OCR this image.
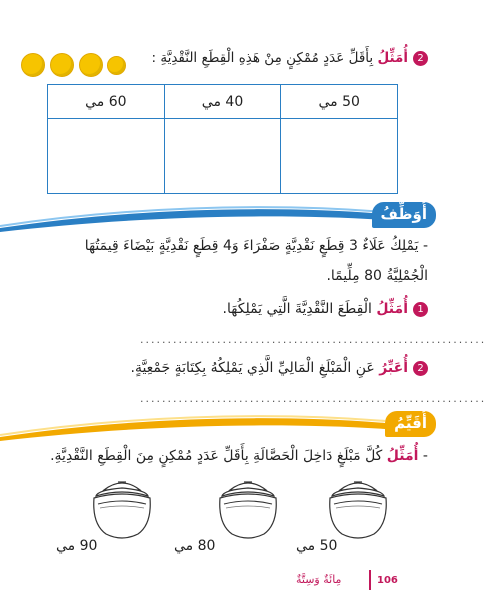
2أُمَثِّلُ بِأَقَلِّ عَدَدٍ مُمْكِنٍ مِنْ هَذِهِ الْقِطَعِ النَّقْدِيَّةِ :
50 مي	40 مي	60 مي

أُوَظِّفُ
- يَمْلِكُ عَلَاءٌ 3 قِطَعٍ نَقْدِيَّةٍ صَفْرَاءَ وَ4 قِطَعٍ نَقْدِيَّةٍ بَيْضَاءَ قِيمَتُهَا
الْجُمْلِيَّةُ 80 مِلِّيمًا.
1أُمَثِّلُ الْقِطَعَ النَّقْدِيَّةَ الَّتِي يَمْلِكُهَا.
...............................................................
2أُعَبِّرُ عَنِ الْمَبْلَغِ الْمَالِيِّ الَّذِي يَمْلِكُهُ بِكِتَابَةٍ جَمْعِيَّةٍ.
...............................................................
أُقَيِّمُ
- أُمَثِّلُ كُلَّ مَبْلَغٍ دَاخِلَ الْحَصَّالَةِ بِأَقَلِّ عَدَدٍ مُمْكِنٍ مِنَ الْقِطَعِ النَّقْدِيَّةِ.
50 مي
80 مي
90 مي
مِائَةٌ وَسِتَّةٌ	106
